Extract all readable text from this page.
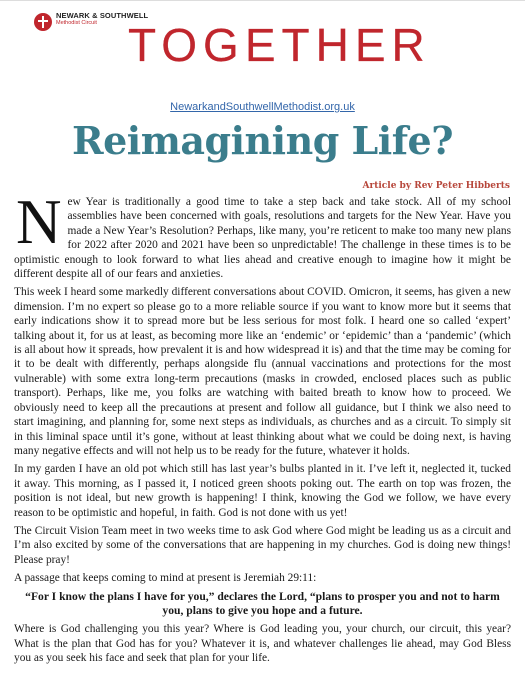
NEWARK & SOUTHWELL
Methodist Circuit TOGETHER
NewarkandSouthwellMethodist.org.uk
Reimagining Life?
Article by Rev Peter Hibberts

New Year is traditionally a good time to take a step back and take stock. All of my school assemblies have been concerned with goals, resolutions and targets for the New Year. Have you made a New Year’s Resolution? Perhaps, like many, you’re reticent to make too many new plans for 2022 after 2020 and 2021 have been so unpredictable! The challenge in these times is to be optimistic enough to look forward to what lies ahead and creative enough to imagine how it might be different despite all of our fears and anxieties.

This week I heard some markedly different conversations about COVID. Omicron, it seems, has given a new dimension. I’m no expert so please go to a more reliable source if you want to know more but it seems that early indications show it to spread more but be less serious for most folk. I heard one so called ‘expert’ talking about it, for us at least, as becoming more like an ‘endemic’ or ‘epidemic’ than a ‘pandemic’ (which is all about how it spreads, how prevalent it is and how widespread it is) and that the time may be coming for it to be dealt with differently, perhaps alongside flu (annual vaccinations and protections for the most vulnerable) with some extra long-term precautions (masks in crowded, enclosed places such as public transport). Perhaps, like me, you folks are watching with baited breath to know how to proceed. We obviously need to keep all the precautions at present and follow all guidance, but I think we also need to start imagining, and planning for, some next steps as individuals, as churches and as a circuit. To simply sit in this liminal space until it’s gone, without at least thinking about what we could be doing next, is having many negative effects and will not help us to be ready for the future, whatever it holds.

In my garden I have an old pot which still has last year’s bulbs planted in it. I’ve left it, neglected it, tucked it away. This morning, as I passed it, I noticed green shoots poking out. The earth on top was frozen, the position is not ideal, but new growth is happening! I think, knowing the God we follow, we have every reason to be optimistic and hopeful, in faith. God is not done with us yet!

The Circuit Vision Team meet in two weeks time to ask God where God might be leading us as a circuit and I’m also excited by some of the conversations that are happening in my churches. God is doing new things! Please pray!

A passage that keeps coming to mind at present is Jeremiah 29:11:

“For I know the plans I have for you,” declares the Lord, “plans to prosper you and not to harm you, plans to give you hope and a future.

Where is God challenging you this year? Where is God leading you, your church, our circuit, this year? What is the plan that God has for you? Whatever it is, and whatever challenges lie ahead, may God Bless you as you seek his face and seek that plan for your life.
